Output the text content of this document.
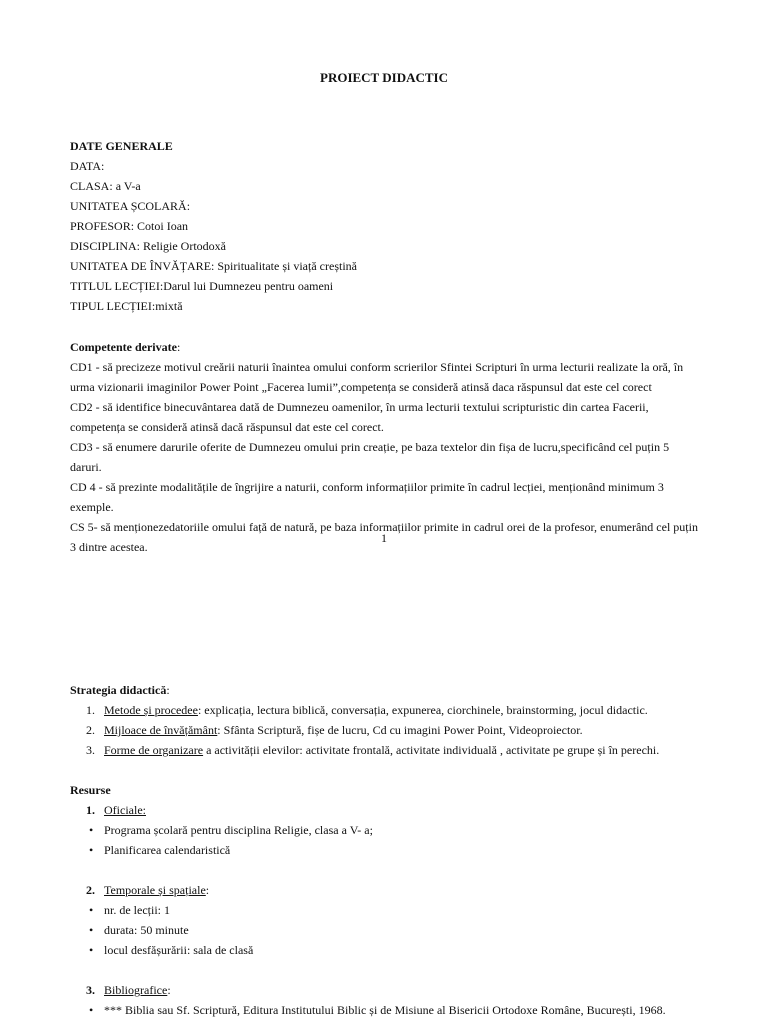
PROIECT DIDACTIC
DATE GENERALE
DATA:
CLASA: a V-a
UNITATEA ȘCOLARĂ:
PROFESOR: Cotoi Ioan
DISCIPLINA: Religie Ortodoxă
UNITATEA DE ÎNVĂȚARE: Spiritualitate și viață creștină
TITLUL LECȚIEI:Darul lui Dumnezeu pentru oameni
TIPUL LECȚIEI:mixtă
Competente derivate:
CD1 - să precizeze motivul creării naturii înaintea omului conform scrierilor Sfintei Scripturi în urma lecturii realizate la oră, în urma vizionarii imaginilor Power Point „Facerea lumii”,competența se consideră atinsă daca răspunsul dat este cel corect
CD2 - să identifice binecuvântarea dată de Dumnezeu oamenilor, în urma lecturii textului scripturistic din cartea Facerii, competența se consideră atinsă dacă răspunsul dat este cel corect.
CD3 - să enumere darurile oferite de Dumnezeu omului prin creație, pe baza textelor din fișa de lucru,specificând cel puțin 5 daruri.
CD 4 - să prezinte modalitățile de îngrijire a naturii, conform informațiilor primite în cadrul lecției, menționând minimum 3 exemple.
CS 5- să menționezedatoriile omului față de natură, pe baza informațiilor primite in cadrul orei de la profesor, enumerând cel puțin 3 dintre acestea.
1
Strategia didactică:
1. Metode și procedee: explicația, lectura biblică, conversația, expunerea, ciorchinele, brainstorming, jocul didactic.
2. Mijloace de învățământ: Sfânta Scriptură, fișe de lucru, Cd cu imagini Power Point, Videoproiector.
3. Forme de organizare a activității elevilor: activitate frontală, activitate individuală , activitate pe grupe și în perechi.
Resurse
1. Oficiale:
• Programa școlară pentru disciplina Religie, clasa a V- a;
• Planificarea calendaristică
2. Temporale și spațiale:
• nr. de lecții: 1
• durata: 50 minute
• locul desfășurării: sala de clasă
3. Bibliografice:
• *** Biblia sau Sf. Scriptură, Editura Institutului Biblic și de Misiune al Bisericii Ortodoxe Române, București, 1968.
